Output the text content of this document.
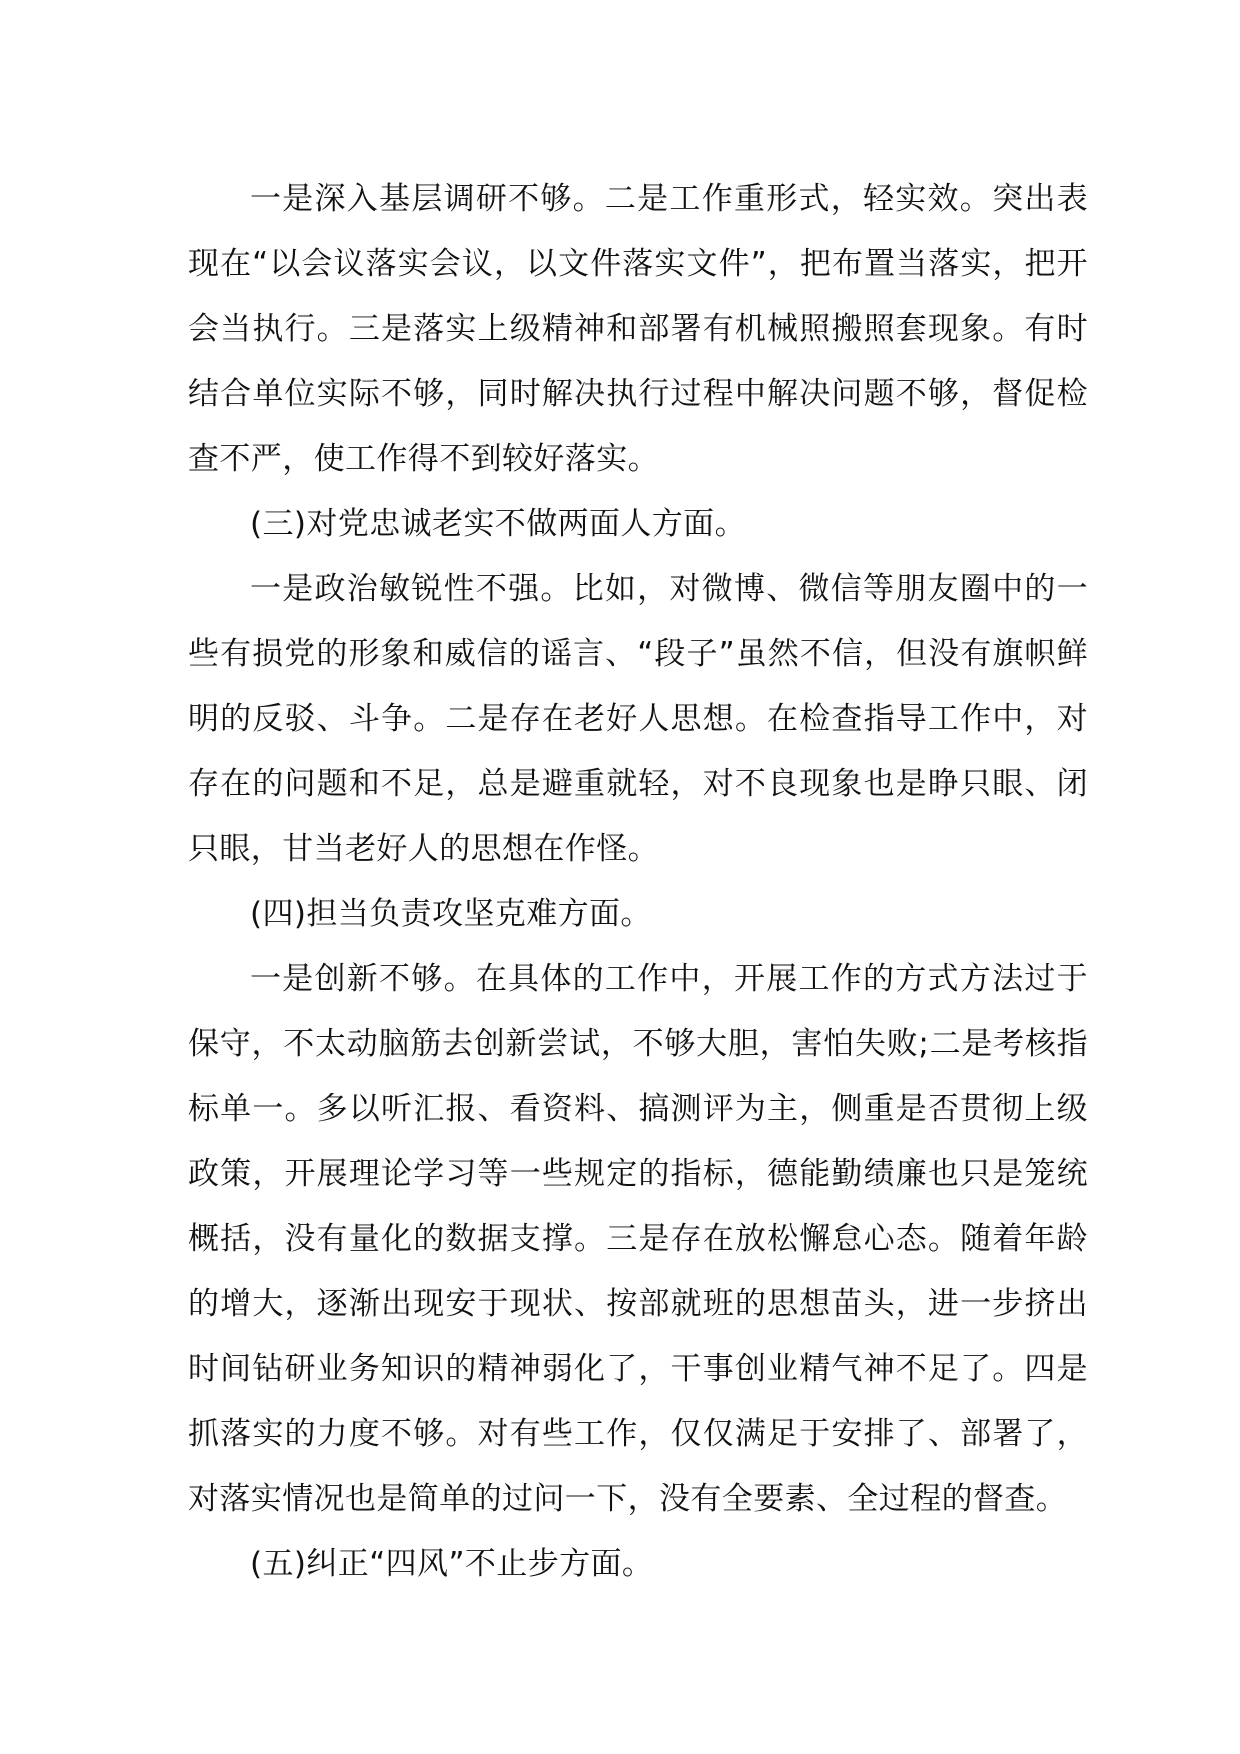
一是深入基层调研不够。二是工作重形式，轻实效。突出表现在“以会议落实会议，以文件落实文件”，把布置当落实，把开会当执行。三是落实上级精神和部署有机械照搬照套现象。有时结合单位实际不够，同时解决执行过程中解决问题不够，督促检查不严，使工作得不到较好落实。

(三)对党忠诚老实不做两面人方面。

一是政治敏锐性不强。比如，对微博、微信等朋友圈中的一些有损党的形象和威信的谣言、“段子”虽然不信，但没有旗帜鲜明的反驳、斗争。二是存在老好人思想。在检查指导工作中，对存在的问题和不足，总是避重就轻，对不良现象也是睁只眼、闭只眼，甘当老好人的思想在作怪。

(四)担当负责攻坚克难方面。

一是创新不够。在具体的工作中，开展工作的方式方法过于保守，不太动脑筋去创新尝试，不够大胆，害怕失败;二是考核指标单一。多以听汇报、看资料、搞测评为主，侧重是否贯彻上级政策，开展理论学习等一些规定的指标，德能勤绩廉也只是笼统概括，没有量化的数据支撑。三是存在放松懈怠心态。随着年龄的增大，逐渐出现安于现状、按部就班的思想苗头，进一步挤出时间钻研业务知识的精神弱化了，干事创业精气神不足了。四是抓落实的力度不够。对有些工作，仅仅满足于安排了、部署了，对落实情况也是简单的过问一下，没有全要素、全过程的督查。

(五)纠正“四风”不止步方面。
